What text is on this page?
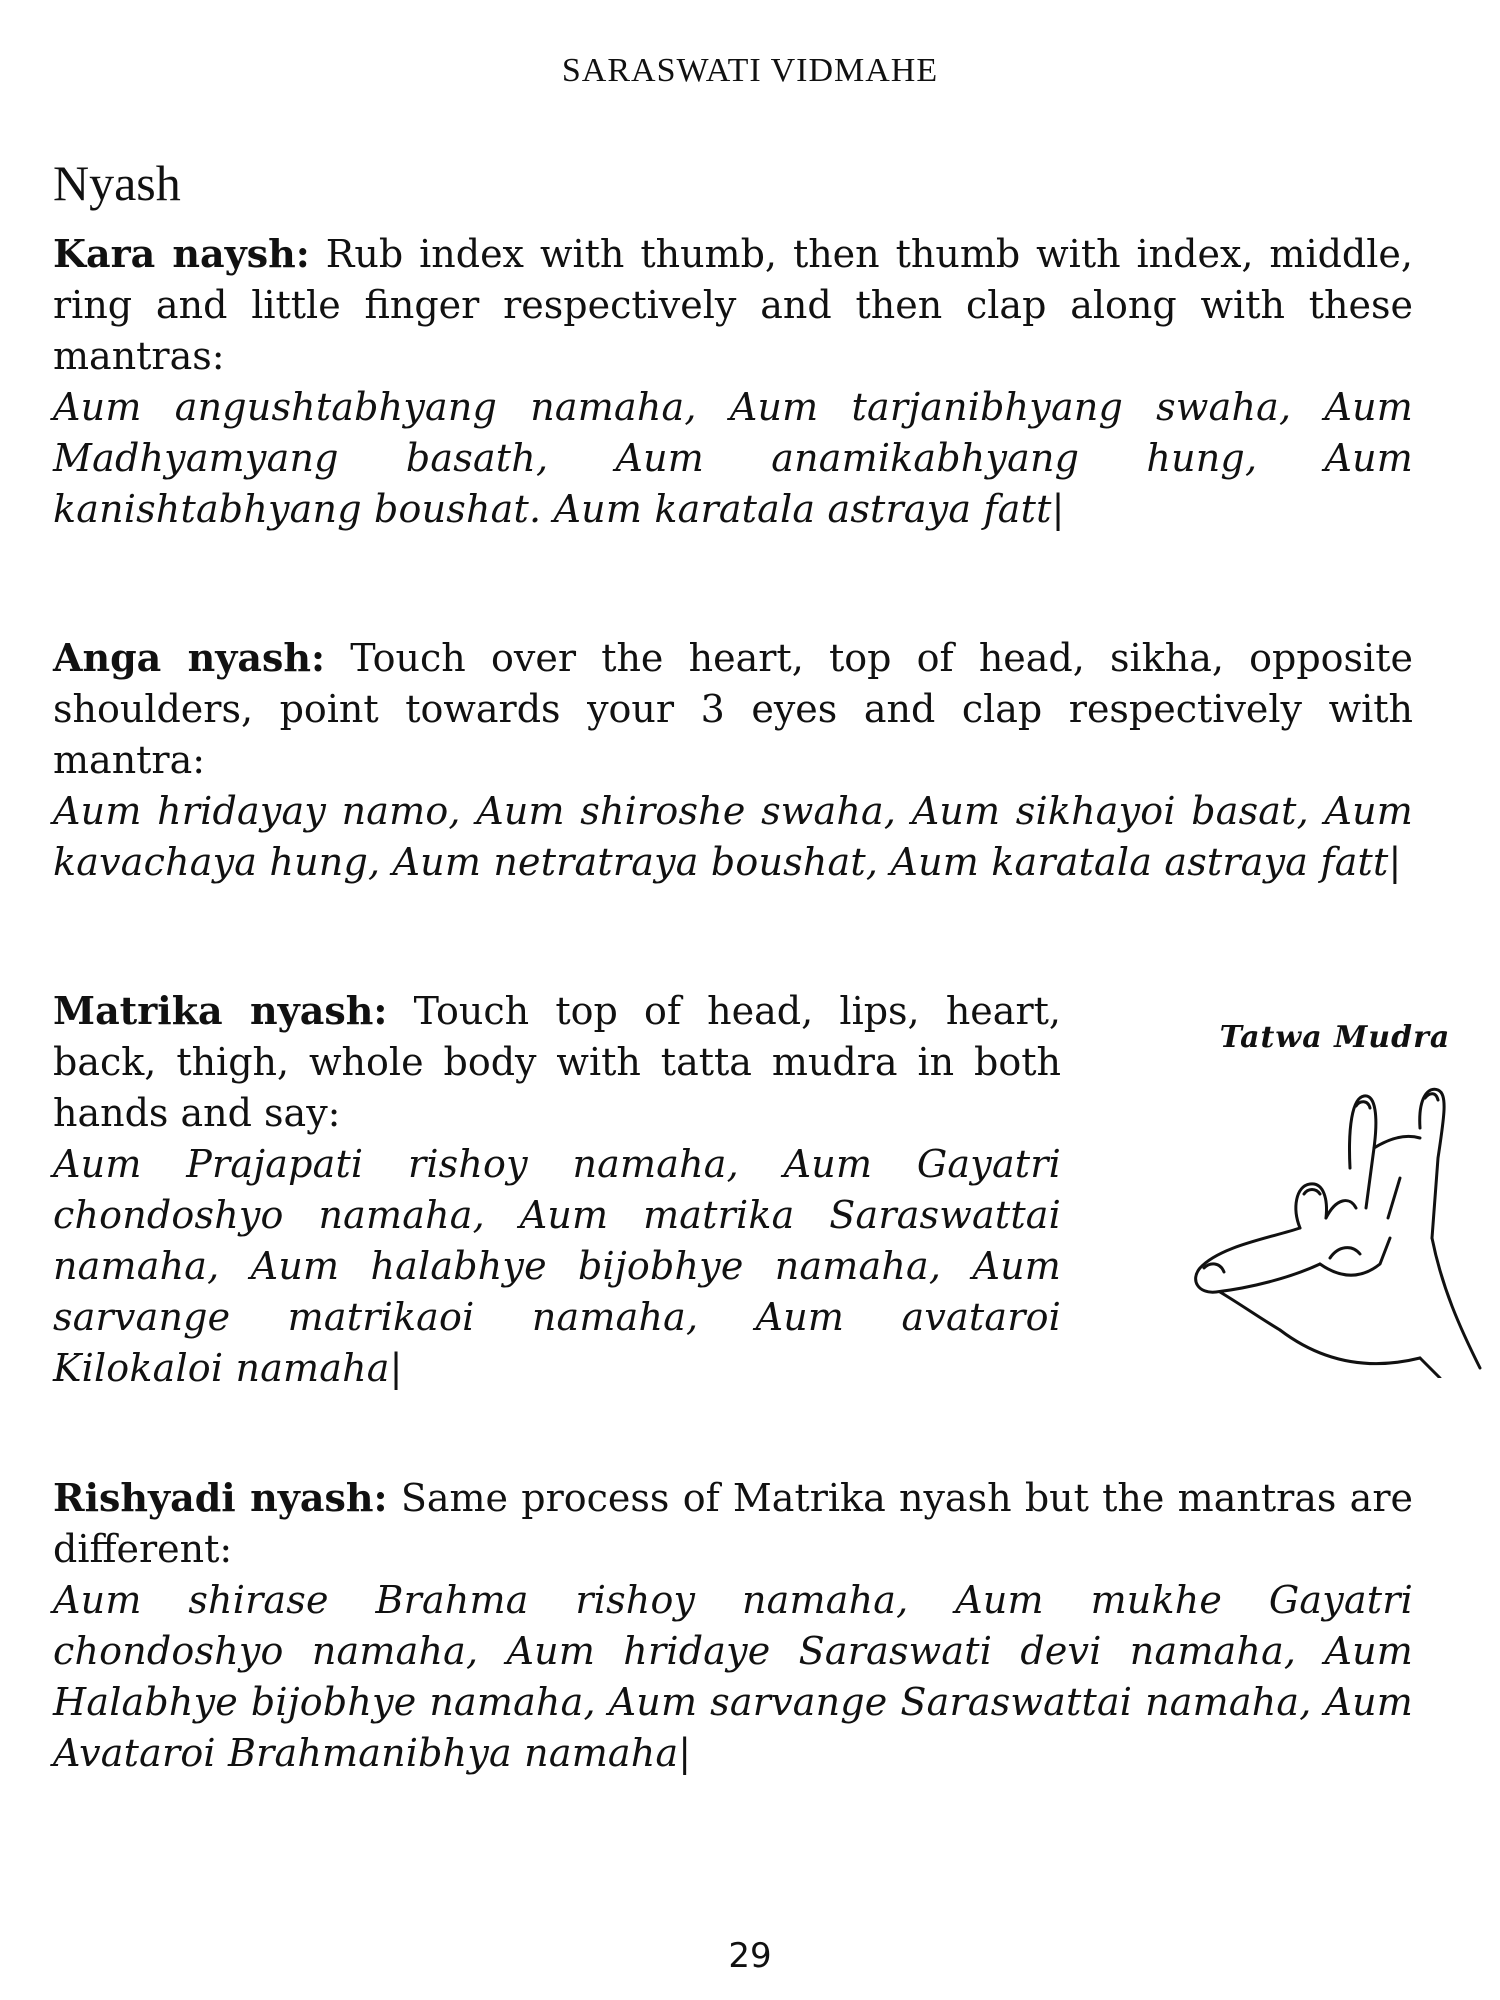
SARASWATI VIDMAHE
Nyash

Kara naysh: Rub index with thumb, then thumb with index, middle, ring and little finger respectively and then clap along with these mantras:

Aum angushtabhyang namaha, Aum tarjanibhyang swaha, Aum Madhyamyang basath, Aum anamikabhyang hung, Aum kanishtabhyang boushat. Aum karatala astraya fatt|

Anga nyash: Touch over the heart, top of head, sikha, opposite shoulders, point towards your 3 eyes and clap respectively with mantra:

Aum hridayay namo, Aum shiroshe swaha, Aum sikhayoi basat, Aum kavachaya hung, Aum netratraya boushat, Aum karatala astraya fatt|

Matrika nyash: Touch top of head, lips, heart, back, thigh, whole body with tatta mudra in both hands and say:

Aum Prajapati rishoy namaha, Aum Gayatri chondoshyo namaha, Aum matrika Saraswattai namaha, Aum halabhye bijobhye namaha, Aum sarvange matrikaoi namaha, Aum avataroi Kilokaloi namaha|

Tatwa Mudra

Rishyadi nyash: Same process of Matrika nyash but the mantras are different:

Aum shirase Brahma rishoy namaha, Aum mukhe Gayatri chondoshyo namaha, Aum hridaye Saraswati devi namaha, Aum Halabhye bijobhye namaha, Aum sarvange Saraswattai namaha, Aum Avataroi Brahmanibhya namaha|

29
